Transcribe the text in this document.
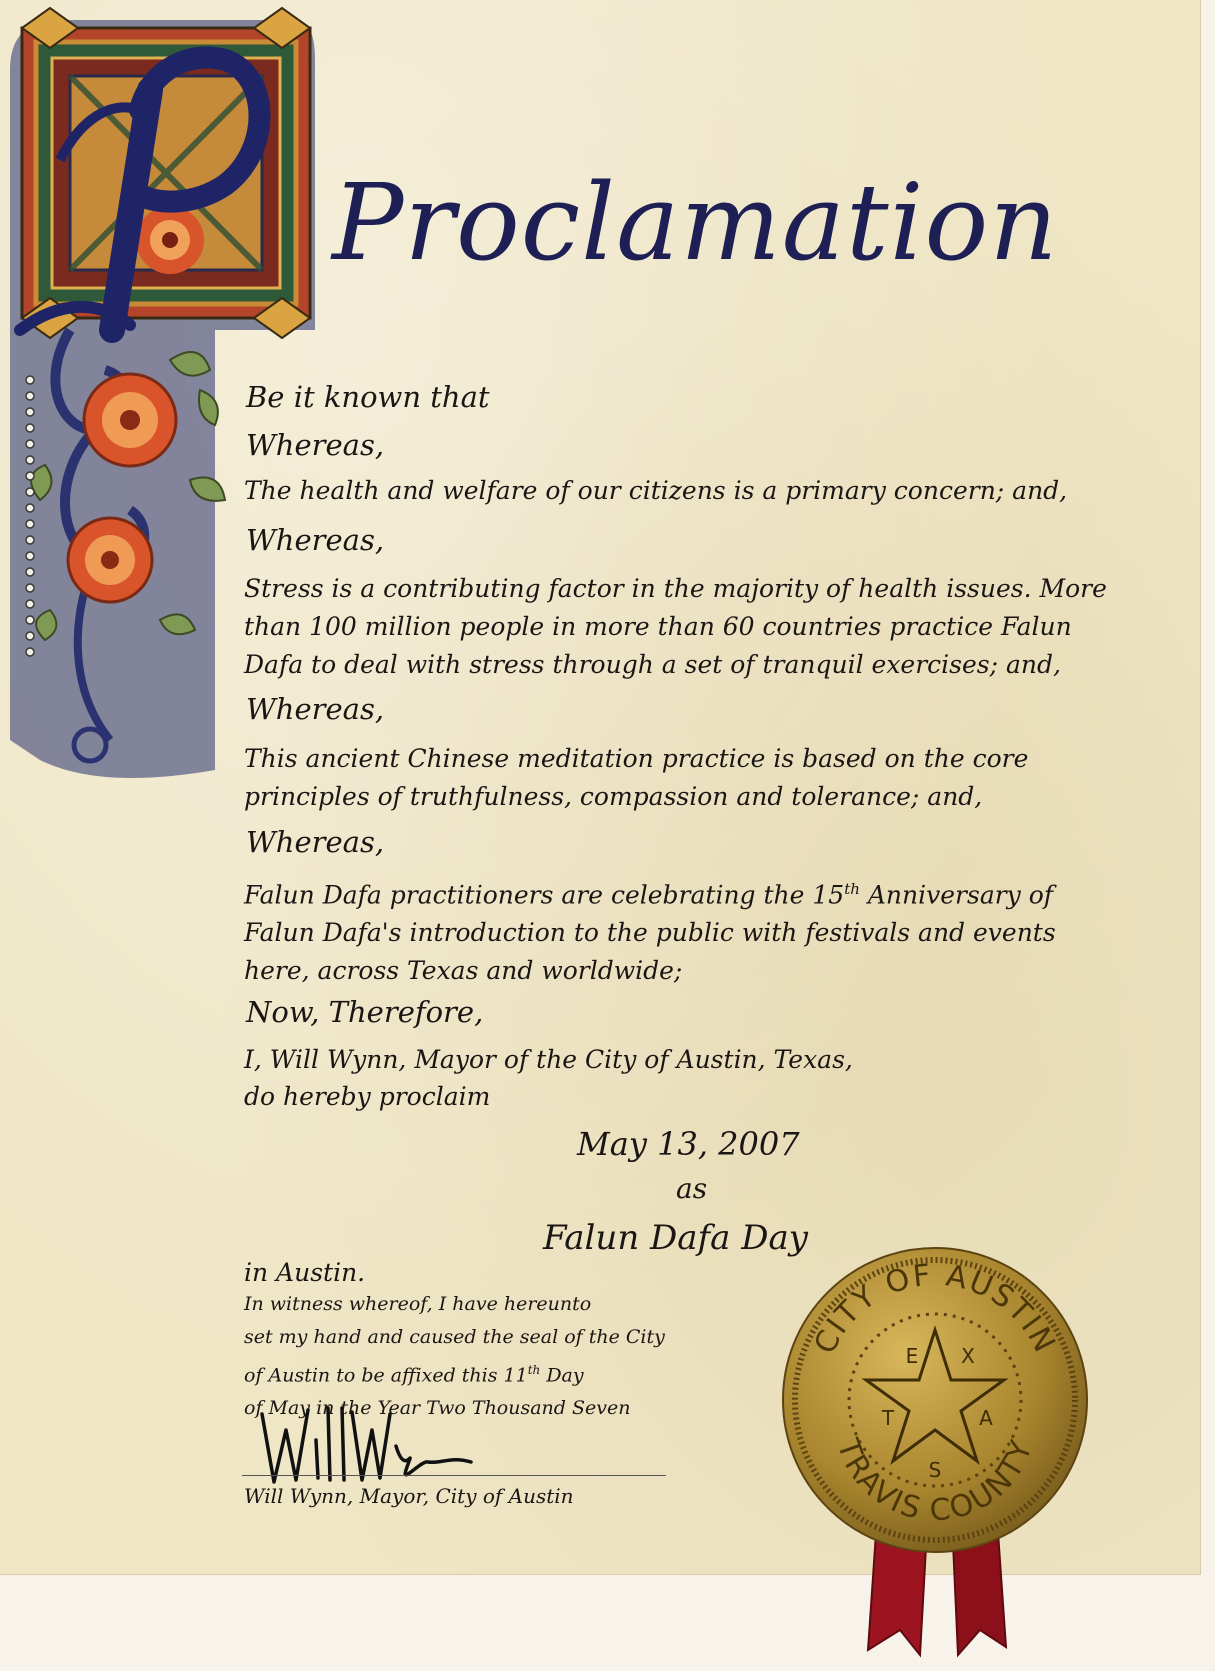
Proclamation

Be it known that

Whereas,

The health and welfare of our citizens is a primary concern; and,

Whereas,

Stress is a contributing factor in the majority of health issues. More
than 100 million people in more than 60 countries practice Falun
Dafa to deal with stress through a set of tranquil exercises; and,

Whereas,

This ancient Chinese meditation practice is based on the core
principles of truthfulness, compassion and tolerance; and,

Whereas,

Falun Dafa practitioners are celebrating the 15th Anniversary of
Falun Dafa's introduction to the public with festivals and events
here, across Texas and worldwide;

Now, Therefore,

I, Will Wynn, Mayor of the City of Austin, Texas,

do hereby proclaim

May 13, 2007

as

Falun Dafa Day

in Austin.

In witness whereof, I have hereunto
set my hand and caused the seal of the City
of Austin to be affixed this 11th Day
of May in the Year Two Thousand Seven

Will Wynn, Mayor, City of Austin

CITY OF AUSTIN
TRAVIS COUNTY
T
E X
A
S
